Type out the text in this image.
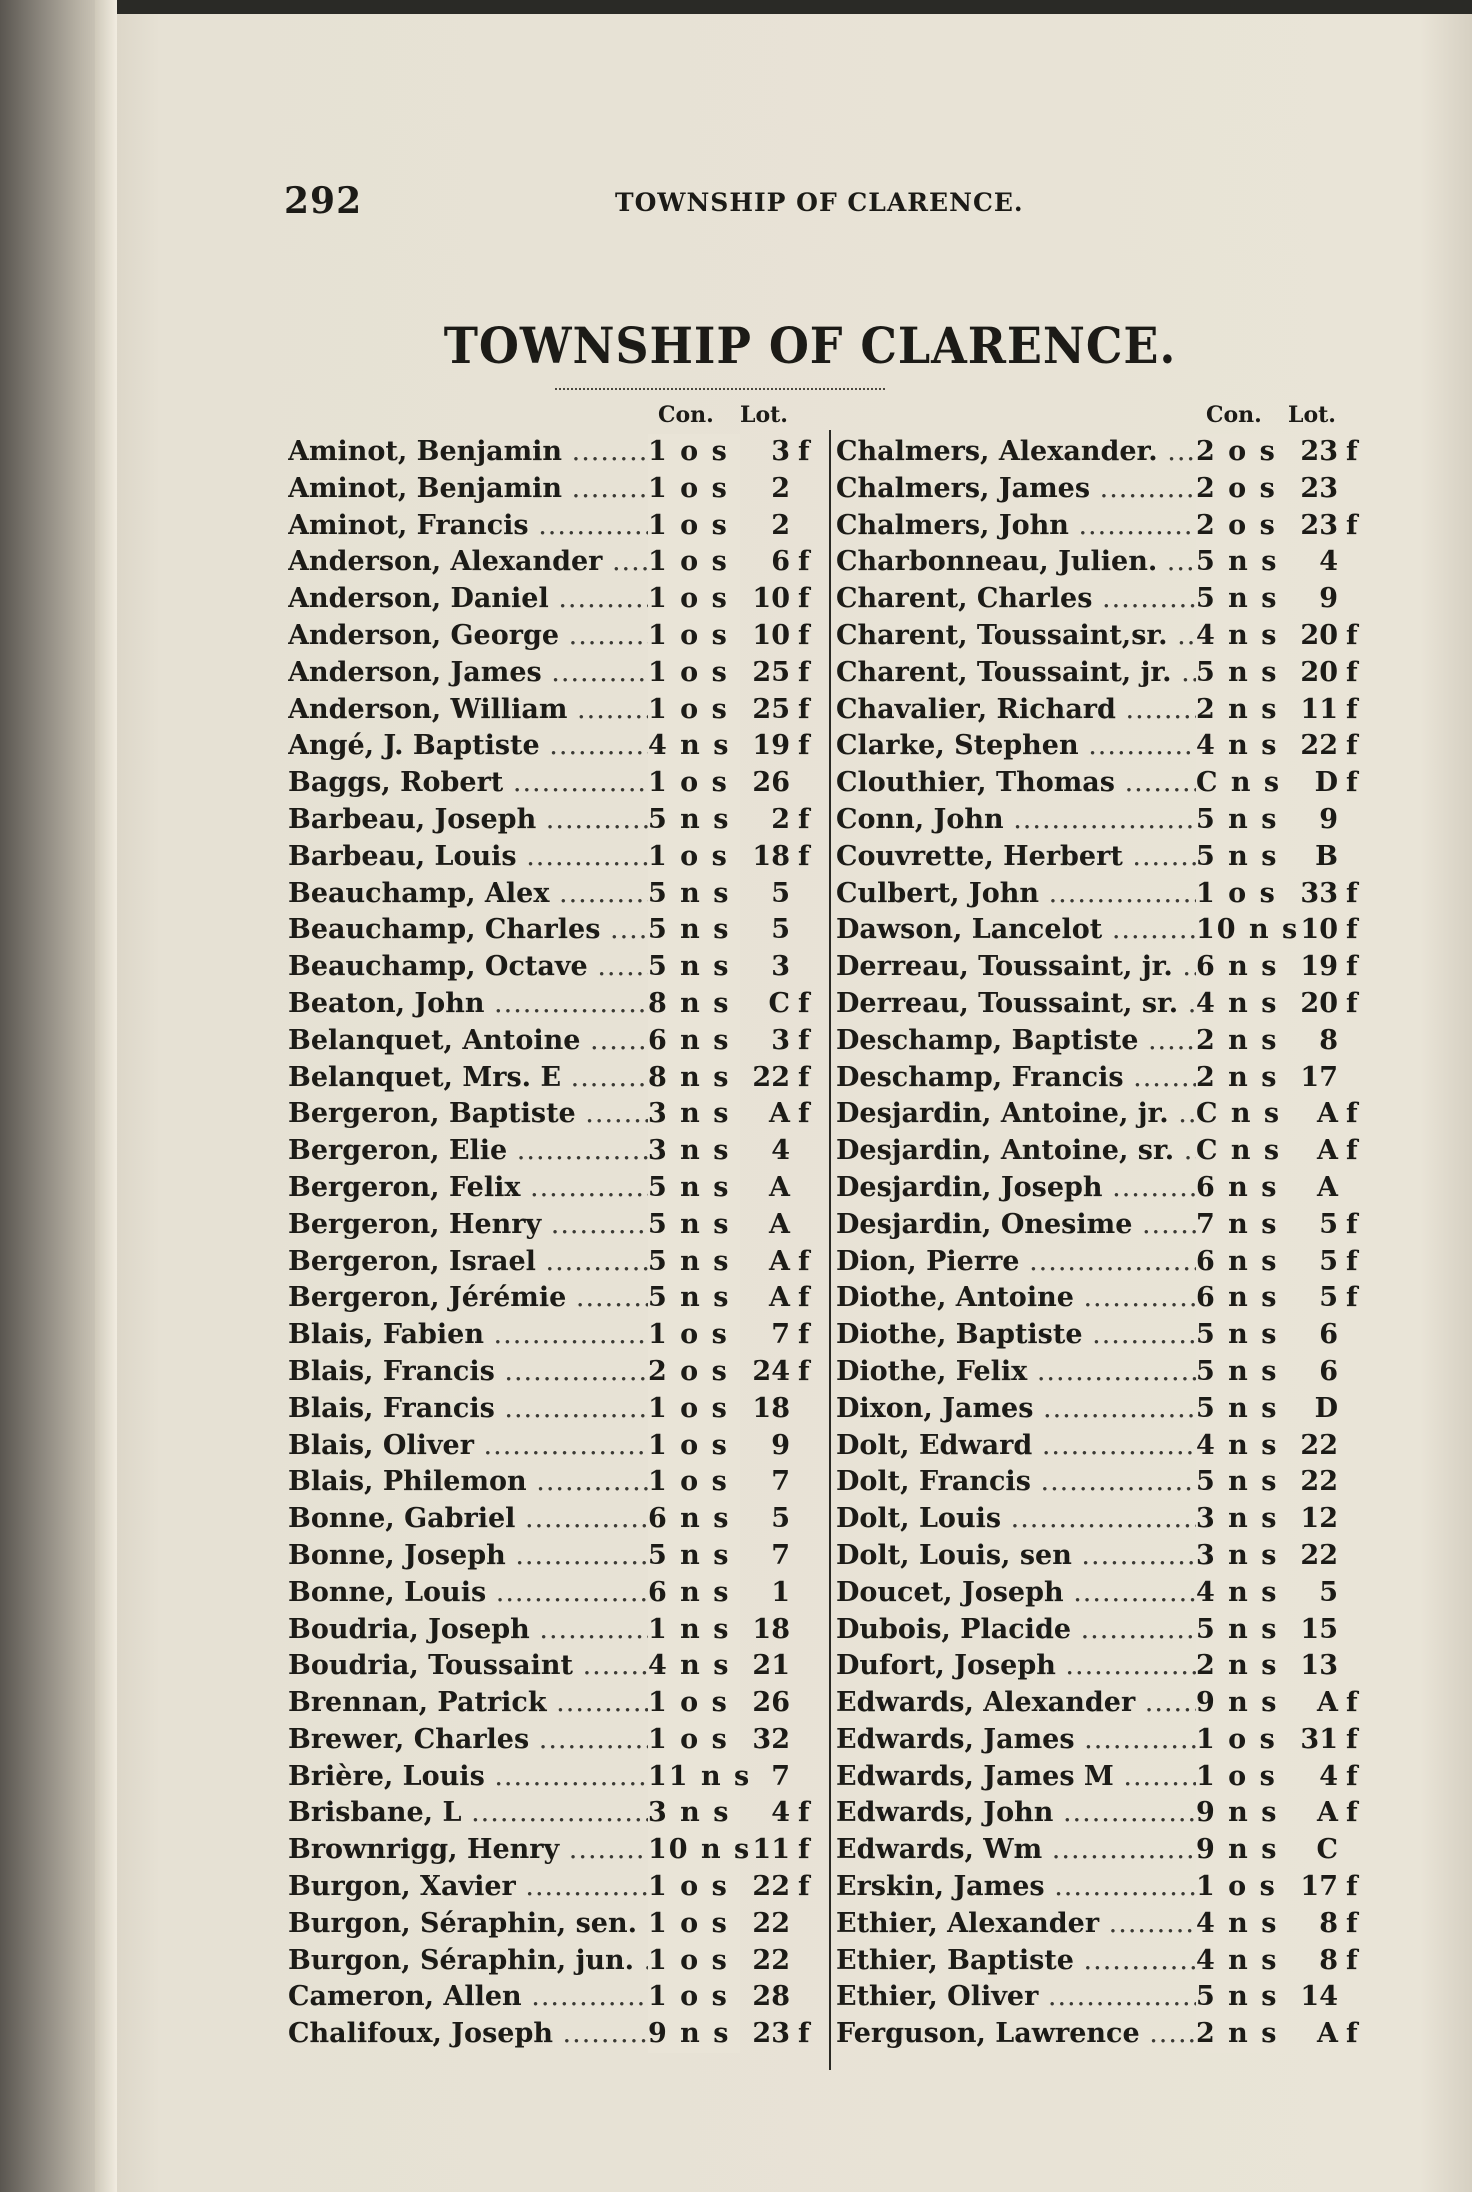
292	TOWNSHIP OF CLARENCE.
TOWNSHIP OF CLARENCE.
Con. Lot.
Aminot, Benjamin .....	1 o s	3 f
Aminot, Benjamin .....	1 o s	2
Aminot, Francis .....	1 o s	2
Anderson, Alexander .....	1 o s	6 f
Anderson, Daniel .....	1 o s 10 f
Anderson, George .....	1 o s 10 f
Anderson, James .....	1 o s 25 f
Anderson, William .....	1 o s 25 f
Angé, J. Baptiste .....	4 n s 19 f
Baggs, Robert .....	1 o s 26
Barbeau, Joseph .....	5 n s	2 f
Barbeau, Louis .....	1 o s 18 f
Beauchamp, Alex .....	5 n s	5
Beauchamp, Charles .....	5 n s	5
Beauchamp, Octave .....	5 n s	3
Beaton, John .....	8 n s	C f
Belanquet, Antoine .....	6 n s	3 f
Belanquet, Mrs. E .....	8 n s 22 f
Bergeron, Baptiste .....	3 n s	A f
Bergeron, Elie .....	3 n s	4
Bergeron, Felix .....	5 n s	A
Bergeron, Henry .....	5 n s	A
Bergeron, Israel .....	5 n s	A f
Bergeron, Jérémie .....	5 n s	A f
Blais, Fabien .....	1 o s	7 f
Blais, Francis .....	2 o s 24 f
Blais, Francis .....	1 o s 18
Blais, Oliver .....	1 o s	9
Blais, Philemon .....	1 o s	7
Bonne, Gabriel .....	6 n s	5
Bonne, Joseph .....	5 n s	7
Bonne, Louis .....	6 n s	1
Boudria, Joseph .....	1 n s 18
Boudria, Toussaint .....	4 n s 21
Brennan, Patrick .....	1 o s 26
Brewer, Charles .....	1 o s 32
Brière, Louis .....	11 n s 7
Brisbane, L .....	3 n s	4 f
Brownrigg, Henry .....	10 n s 11 f
Burgon, Xavier .....	1 o s 22 f
Burgon, Séraphin, sen. ..... 1 o s 22
Burgon, Séraphin, jun. ..... 1 o s 22
Cameron, Allen .....	1 o s 28
Chalifoux, Joseph .....	9 n s 23 f
Con. Lot.
Chalmers, Alexander. .....	2 o s 23 f
Chalmers, James .....	2 o s 23
Chalmers, John .....	2 o s 23 f
Charbonneau, Julien. .....	5 n s	4
Charent, Charles .....	5 n s	9
Charent, Toussaint,sr. .....	4 n s 20 f
Charent, Toussaint, jr. ..... 5 n s 20 f
Chavalier, Richard .....	2 n s 11 f
Clarke, Stephen .....	4 n s 22 f
Clouthier, Thomas .....	C n s	D f
Conn, John .....	5 n s	9
Couvrette, Herbert .....	5 n s	B
Culbert, John .....	1 o s 33 f
Dawson, Lancelot .....	10 n s 10 f
Derreau, Toussaint, jr. ..... 6 n s 19 f
Derreau, Toussaint, sr. ..... 4 n s 20 f
Deschamp, Baptiste .....	2 n s	8
Deschamp, Francis .....	2 n s 17
Desjardin, Antoine, jr. .....	C n s	A f
Desjardin, Antoine, sr. ..... C n s	A f
Desjardin, Joseph .....	6 n s	A
Desjardin, Onesime .....	7 n s	5 f
Dion, Pierre .....	6 n s	5 f
Diothe, Antoine .....	6 n s	5 f
Diothe, Baptiste .....	5 n s	6
Diothe, Felix .....	5 n s	6
Dixon, James .....	5 n s	D
Dolt, Edward .....	4 n s 22
Dolt, Francis .....	5 n s 22
Dolt, Louis .....	3 n s 12
Dolt, Louis, sen .....	3 n s 22
Doucet, Joseph .....	4 n s	5
Dubois, Placide .....	5 n s 15
Dufort, Joseph .....	2 n s 13
Edwards, Alexander .....	9 n s	A f
Edwards, James .....	1 o s 31 f
Edwards, James M .....	1 o s	4 f
Edwards, John .....	9 n s	A f
Edwards, Wm .....	9 n s	C
Erskin, James .....	1 o s 17 f
Ethier, Alexander .....	4 n s	8 f
Ethier, Baptiste .....	4 n s	8 f
Ethier, Oliver .....	5 n s 14
Ferguson, Lawrence .....	2 n s	A f
